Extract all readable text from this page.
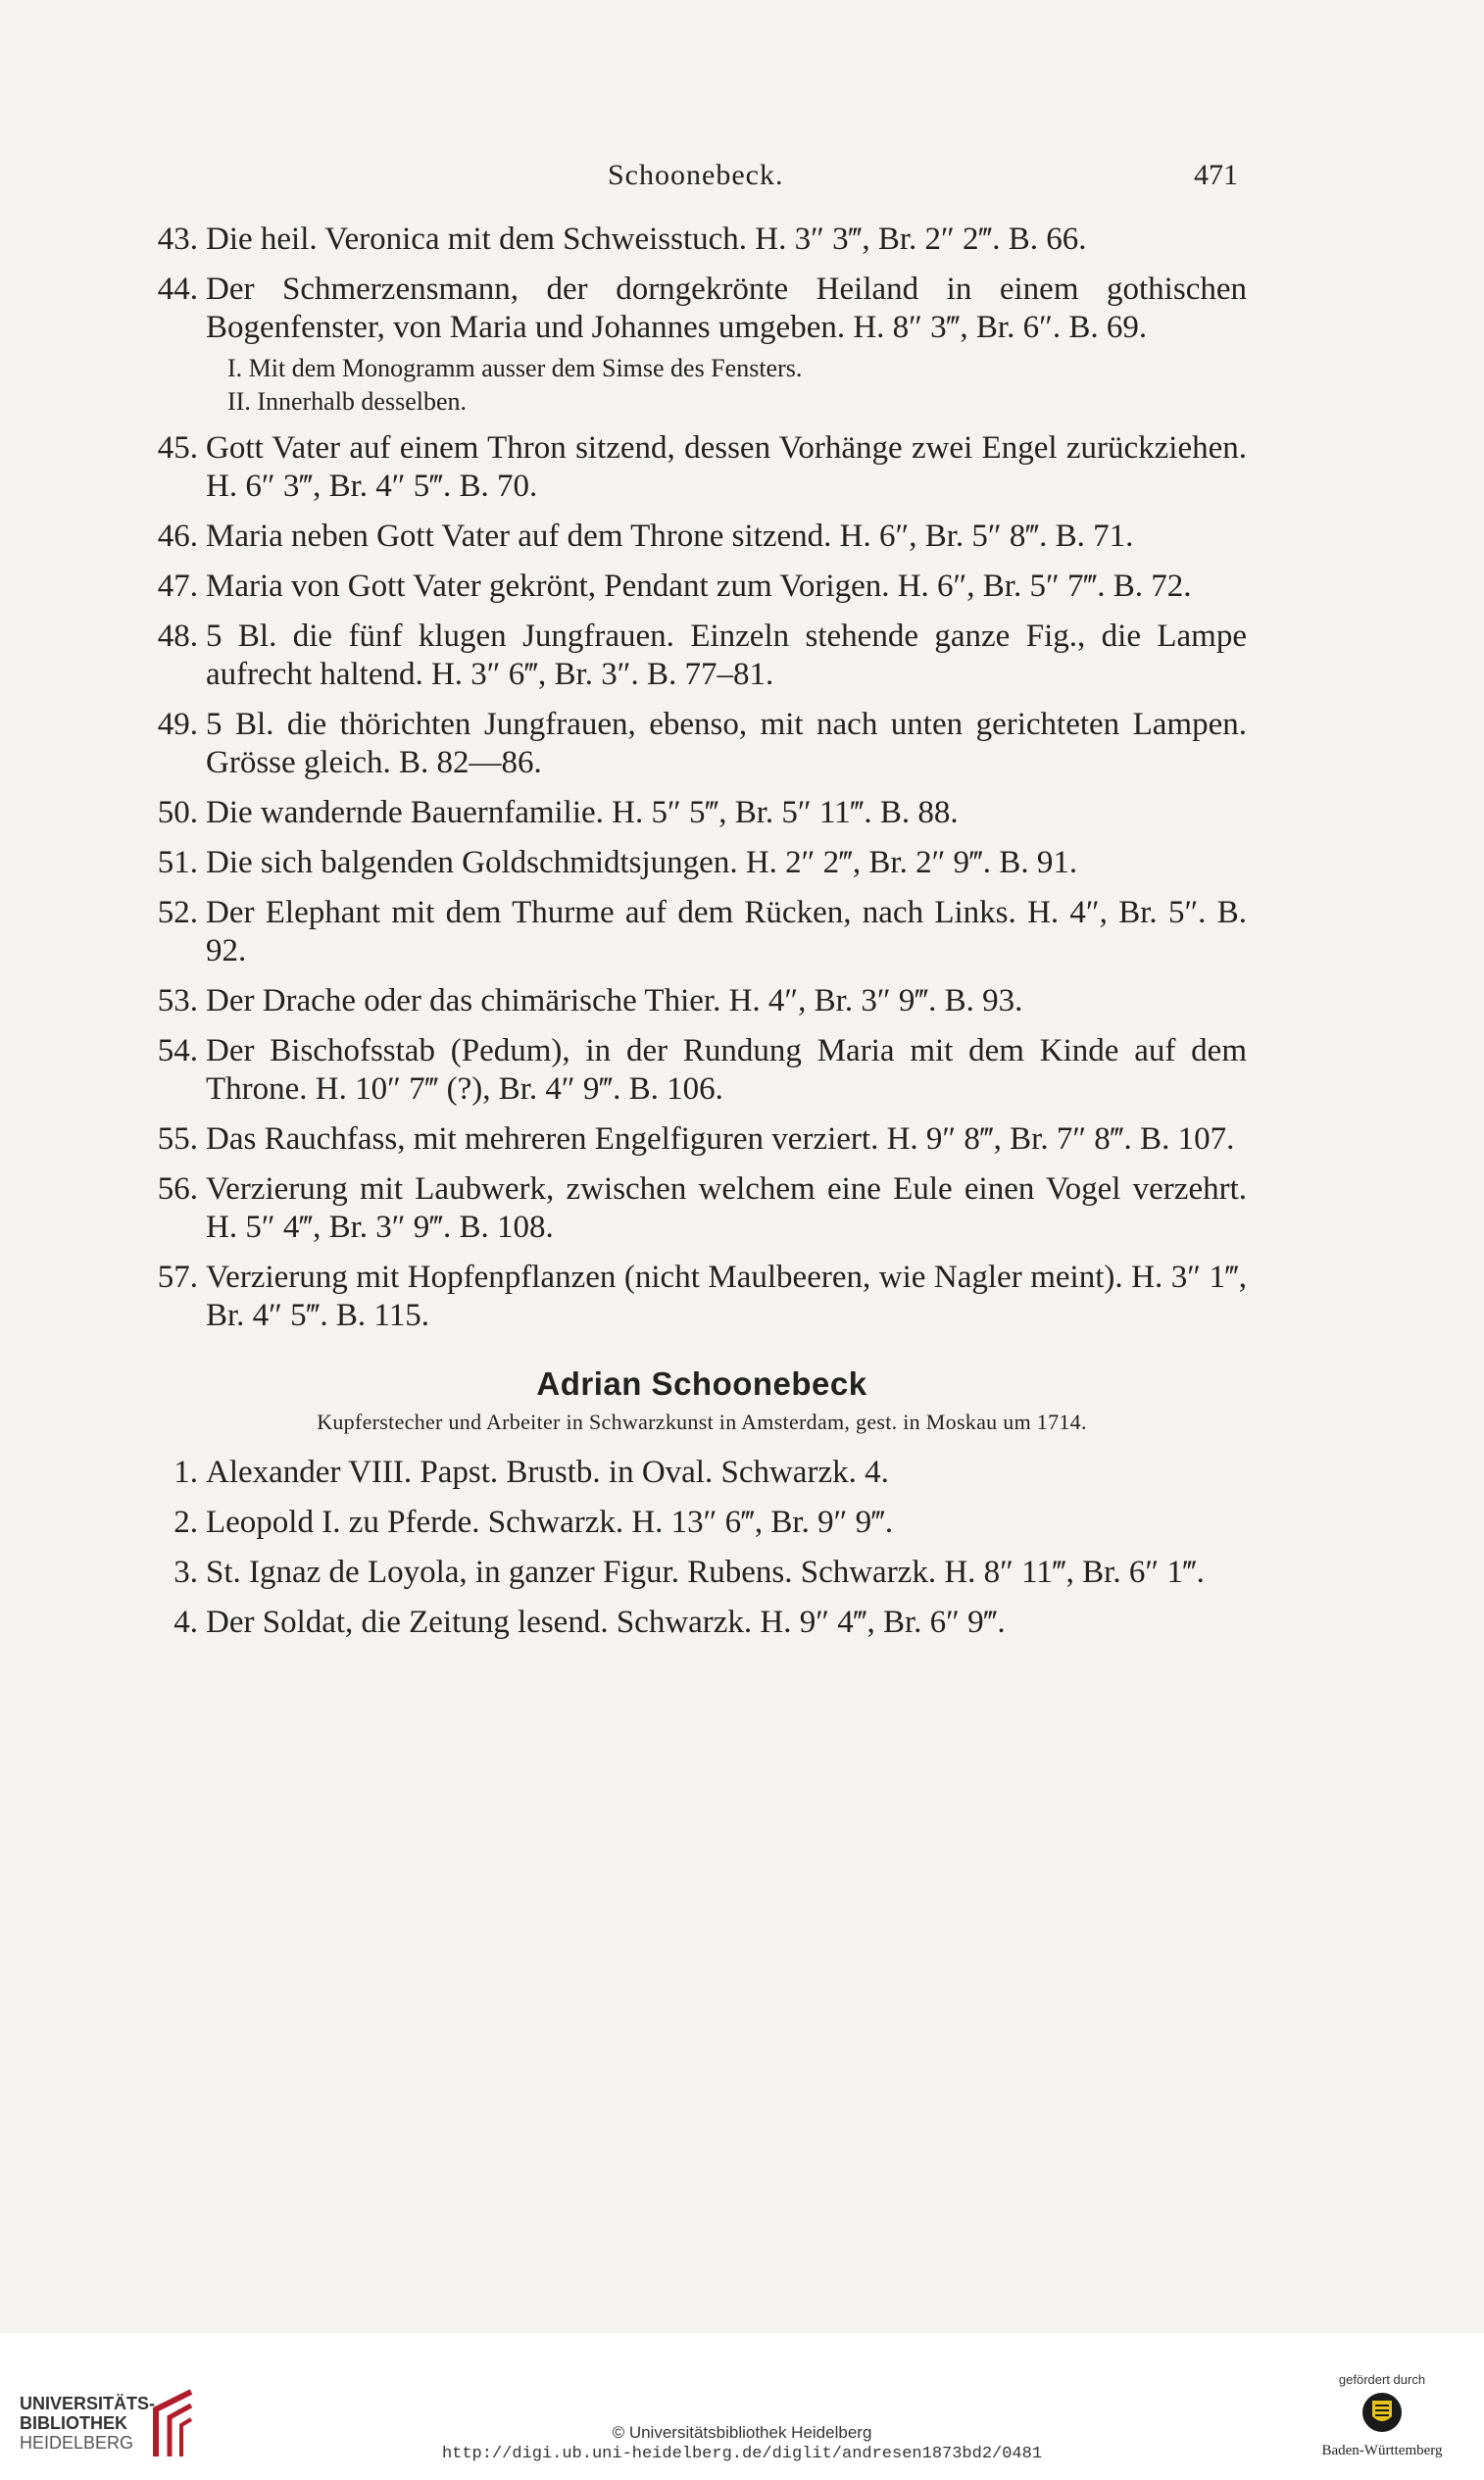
Schoonebeck.	471
43. Die heil. Veronica mit dem Schweisstuch. H. 3″ 3‴, Br. 2″ 2‴. B. 66.
44. Der Schmerzensmann, der dorngekrönte Heiland in einem gothischen Bogenfenster, von Maria und Johannes umgeben. H. 8″ 3‴, Br. 6″. B. 69.
I. Mit dem Monogramm ausser dem Simse des Fensters.
II. Innerhalb desselben.
45. Gott Vater auf einem Thron sitzend, dessen Vorhänge zwei Engel zurückziehen. H. 6″ 3‴, Br. 4″ 5‴. B. 70.
46. Maria neben Gott Vater auf dem Throne sitzend. H. 6″, Br. 5″ 8‴. B. 71.
47. Maria von Gott Vater gekrönt, Pendant zum Vorigen. H. 6″, Br. 5″ 7‴. B. 72.
48. 5 Bl. die fünf klugen Jungfrauen. Einzeln stehende ganze Fig., die Lampe aufrecht haltend. H. 3″ 6‴, Br. 3″. B. 77–81.
49. 5 Bl. die thörichten Jungfrauen, ebenso, mit nach unten gerichteten Lampen. Grösse gleich. B. 82—86.
50. Die wandernde Bauernfamilie. H. 5″ 5‴, Br. 5″ 11‴. B. 88.
51. Die sich balgenden Goldschmidtsjungen. H. 2″ 2‴, Br. 2″ 9‴. B. 91.
52. Der Elephant mit dem Thurme auf dem Rücken, nach Links. H. 4″, Br. 5″. B. 92.
53. Der Drache oder das chimärische Thier. H. 4″, Br. 3″ 9‴. B. 93.
54. Der Bischofsstab (Pedum), in der Rundung Maria mit dem Kinde auf dem Throne. H. 10″ 7‴ (?), Br. 4″ 9‴. B. 106.
55. Das Rauchfass, mit mehreren Engelfiguren verziert. H. 9″ 8‴, Br. 7″ 8‴. B. 107.
56. Verzierung mit Laubwerk, zwischen welchem eine Eule einen Vogel verzehrt. H. 5″ 4‴, Br. 3″ 9‴. B. 108.
57. Verzierung mit Hopfenpflanzen (nicht Maulbeeren, wie Nagler meint). H. 3″ 1‴, Br. 4″ 5‴. B. 115.
Adrian Schoonebeck
Kupferstecher und Arbeiter in Schwarzkunst in Amsterdam, gest. in Moskau um 1714.
1. Alexander VIII. Papst. Brustb. in Oval. Schwarzk. 4.
2. Leopold I. zu Pferde. Schwarzk. H. 13″ 6‴, Br. 9″ 9‴.
3. St. Ignaz de Loyola, in ganzer Figur. Rubens. Schwarzk. H. 8″ 11‴, Br. 6″ 1‴.
4. Der Soldat, die Zeitung lesend. Schwarzk. H. 9″ 4‴, Br. 6″ 9‴.
UNIVERSITÄTS-
BIBLIOTHEK
HEIDELBERG
© Universitätsbibliothek Heidelberg
http://digi.ub.uni-heidelberg.de/diglit/andresen1873bd2/0481
gefördert durch
Baden-Württemberg
